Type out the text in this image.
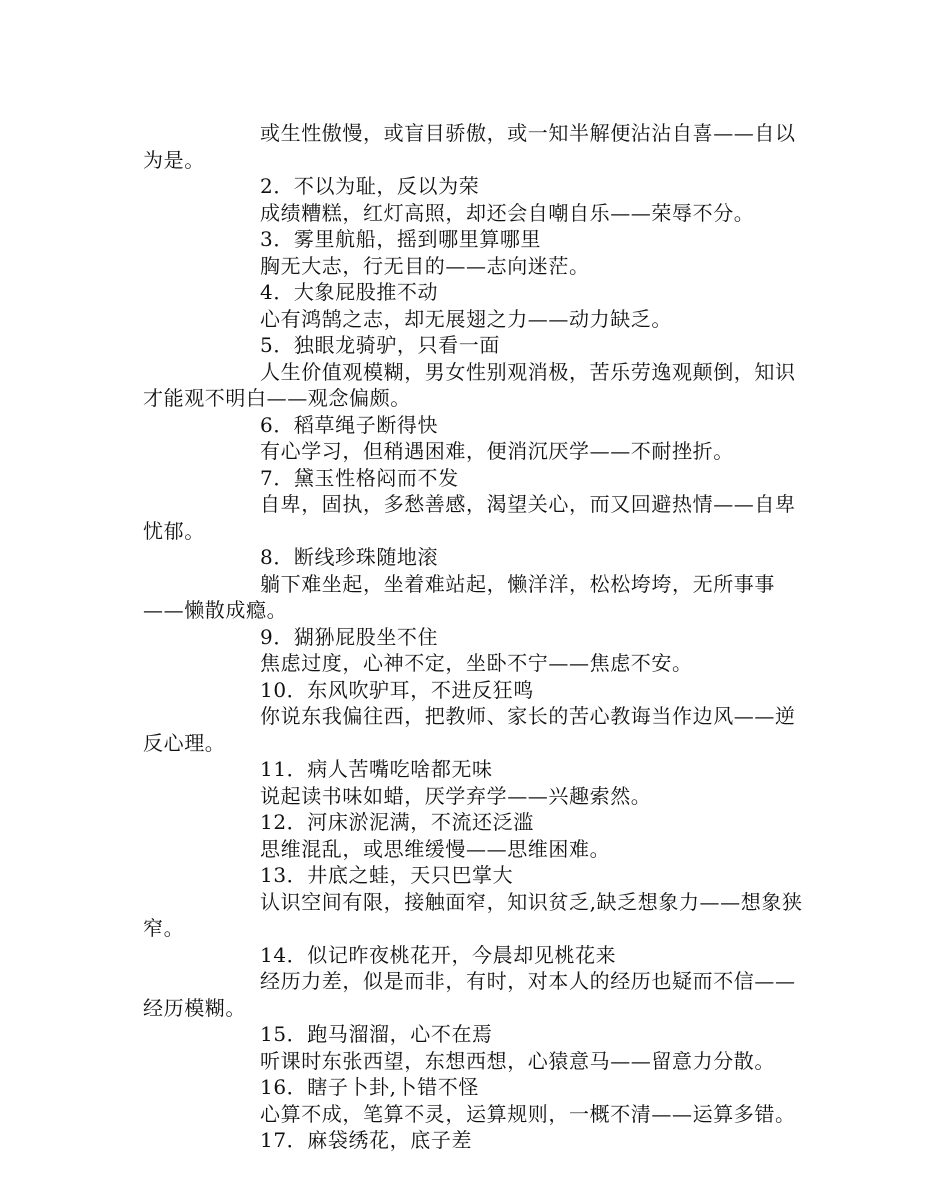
或生性傲慢，或盲目骄傲，或一知半解便沾沾自喜——自以为是。

2．不以为耻，反以为荣

成绩糟糕，红灯高照，却还会自嘲自乐——荣辱不分。

3．雾里航船，摇到哪里算哪里

胸无大志，行无目的——志向迷茫。

4．大象屁股推不动

心有鸿鹄之志，却无展翅之力——动力缺乏。

5．独眼龙骑驴，只看一面

人生价值观模糊，男女性别观消极，苦乐劳逸观颠倒，知识才能观不明白——观念偏颇。

6．稻草绳子断得快

有心学习，但稍遇困难，便消沉厌学——不耐挫折。

7．黛玉性格闷而不发

自卑，固执，多愁善感，渴望关心，而又回避热情——自卑忧郁。

8．断线珍珠随地滚

躺下难坐起，坐着难站起，懒洋洋，松松垮垮，无所事事——懒散成瘾。

9．猢狲屁股坐不住

焦虑过度，心神不定，坐卧不宁——焦虑不安。

10．东风吹驴耳，不进反狂鸣

你说东我偏往西，把教师、家长的苦心教诲当作边风——逆反心理。

11．病人苦嘴吃啥都无味

说起读书味如蜡，厌学弃学——兴趣索然。

12．河床淤泥满，不流还泛滥

思维混乱，或思维缓慢——思维困难。

13．井底之蛙，天只巴掌大

认识空间有限，接触面窄，知识贫乏,缺乏想象力——想象狭窄。

14．似记昨夜桃花开，今晨却见桃花来

经历力差，似是而非，有时，对本人的经历也疑而不信——经历模糊。

15．跑马溜溜，心不在焉

听课时东张西望，东想西想，心猿意马——留意力分散。

16．瞎子卜卦,卜错不怪

心算不成，笔算不灵，运算规则，一概不清——运算多错。

17．麻袋绣花，底子差
